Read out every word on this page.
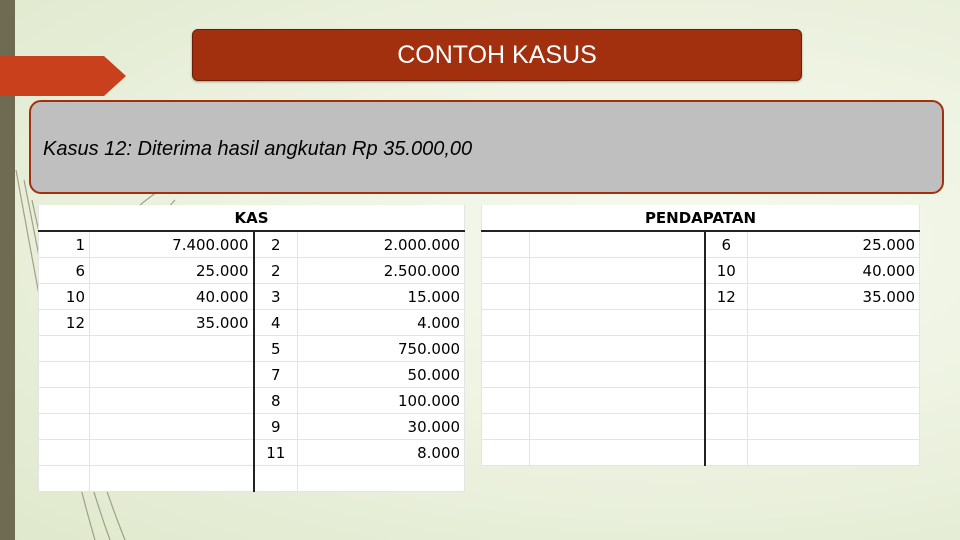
CONTOH KASUS
Kasus 12: Diterima hasil angkutan Rp 35.000,00
KAS			
1	7.400.000	2	2.000.000
6	25.000	2	2.500.000
10	40.000	3	15.000
12	35.000	4	4.000
		5	750.000
		7	50.000
		8	100.000
		9	30.000
		11	8.000

PENDAPATAN			
		6	25.000
		10	40.000
		12	35.000
